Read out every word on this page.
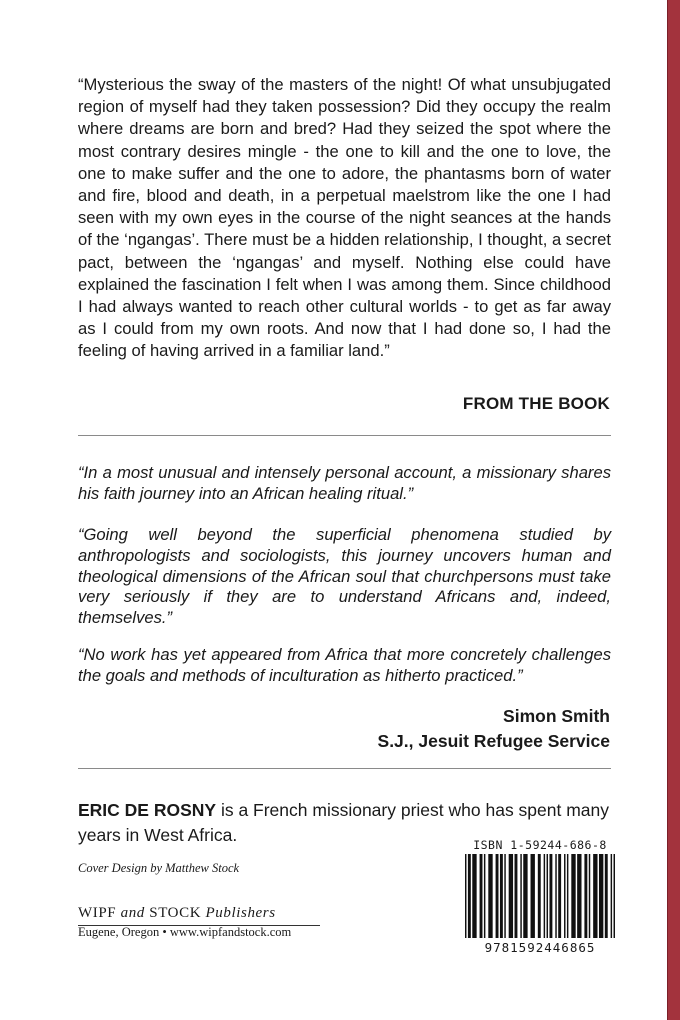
“Mysterious the sway of the masters of the night! Of what unsubjugated region of myself had they taken possession? Did they occupy the realm where dreams are born and bred? Had they seized the spot where the most contrary desires mingle - the one to kill and the one to love, the one to make suffer and the one to adore, the phantasms born of water and fire, blood and death, in a perpetual maelstrom like the one I had seen with my own eyes in the course of the night seances at the hands of the ‘ngangas’. There must be a hidden relationship, I thought, a secret pact, between the ‘ngangas’ and myself. Nothing else could have explained the fascination I felt when I was among them. Since childhood I had always wanted to reach other cultural worlds - to get as far away as I could from my own roots. And now that I had done so, I had the feeling of having arrived in a familiar land.”

FROM THE BOOK

“In a most unusual and intensely personal account, a missionary shares his faith journey into an African healing ritual.”

“Going well beyond the superficial phenomena studied by anthropologists and sociologists, this journey uncovers human and theological dimensions of the African soul that churchpersons must take very seriously if they are to understand Africans and, indeed, themselves.”

“No work has yet appeared from Africa that more concretely challenges the goals and methods of inculturation as hitherto practiced.”

Simon Smith
S.J., Jesuit Refugee Service

ERIC DE ROSNY is a French missionary priest who has spent many years in West Africa.

Cover Design by Matthew Stock
WIPF and STOCK Publishers
Eugene, Oregon • www.wipfandstock.com
ISBN 1-59244-686-8
9781592446865
